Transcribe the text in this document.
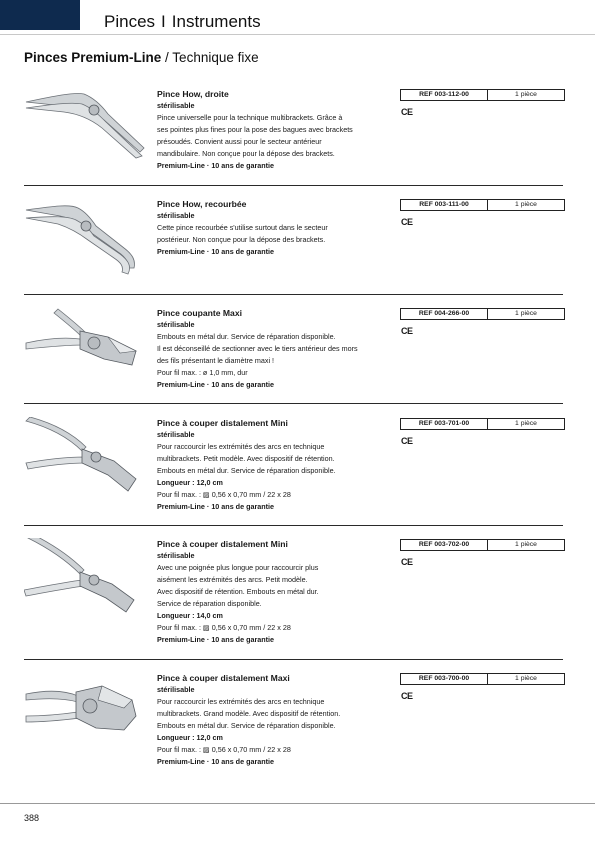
Pinces I Instruments
Pinces Premium-Line / Technique fixe
Pince How, droite
stérilisable
Pince universelle pour la technique multibrackets. Grâce à
ses pointes plus fines pour la pose des bagues avec brackets
présoudés. Convient aussi pour le secteur antérieur
mandibulaire. Non conçue pour la dépose des brackets.
Premium-Line · 10 ans de garantie
REF 003-112-00	1 pièce
CE
Pince How, recourbée
stérilisable
Cette pince recourbée s'utilise surtout dans le secteur
postérieur. Non conçue pour la dépose des brackets.
Premium-Line · 10 ans de garantie
REF 003-111-00	1 pièce
CE
Pince coupante Maxi
stérilisable
Embouts en métal dur. Service de réparation disponible.
Il est déconseillé de sectionner avec le tiers antérieur des mors
des fils présentant le diamètre maxi !
Pour fil max. : ø 1,0 mm, dur
Premium-Line · 10 ans de garantie
REF 004-266-00	1 pièce
CE
Pince à couper distalement Mini
stérilisable
Pour raccourcir les extrémités des arcs en technique
multibrackets. Petit modèle. Avec dispositif de rétention.
Embouts en métal dur. Service de réparation disponible.
Longueur : 12,0 cm
Pour fil max. : ▨ 0,56 x 0,70 mm / 22 x 28
Premium-Line · 10 ans de garantie
REF 003-701-00	1 pièce
CE
Pince à couper distalement Mini
stérilisable
Avec une poignée plus longue pour raccourcir plus
aisément les extrémités des arcs. Petit modèle.
Avec dispositif de rétention. Embouts en métal dur.
Service de réparation disponible.
Longueur : 14,0 cm
Pour fil max. : ▨ 0,56 x 0,70 mm / 22 x 28
Premium-Line · 10 ans de garantie
REF 003-702-00	1 pièce
CE
Pince à couper distalement Maxi
stérilisable
Pour raccourcir les extrémités des arcs en technique
multibrackets. Grand modèle. Avec dispositif de rétention.
Embouts en métal dur. Service de réparation disponible.
Longueur : 12,0 cm
Pour fil max. : ▨ 0,56 x 0,70 mm / 22 x 28
Premium-Line · 10 ans de garantie
REF 003-700-00	1 pièce
CE
388
